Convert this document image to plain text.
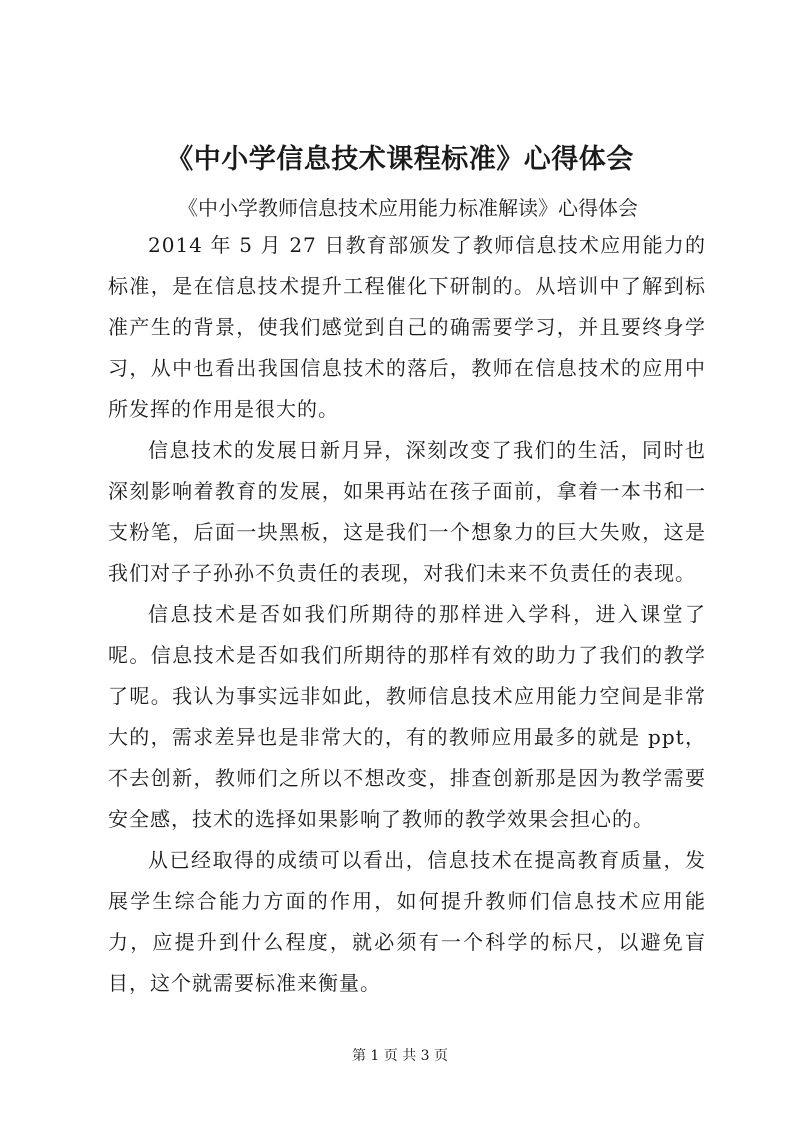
《中小学信息技术课程标准》心得体会

《中小学教师信息技术应用能力标准解读》心得体会

2014 年 5 月 27 日教育部颁发了教师信息技术应用能力的标准，是在信息技术提升工程催化下研制的。从培训中了解到标准产生的背景，使我们感觉到自己的确需要学习，并且要终身学习，从中也看出我国信息技术的落后，教师在信息技术的应用中所发挥的作用是很大的。

信息技术的发展日新月异，深刻改变了我们的生活，同时也深刻影响着教育的发展，如果再站在孩子面前，拿着一本书和一支粉笔，后面一块黑板，这是我们一个想象力的巨大失败，这是我们对子子孙孙不负责任的表现，对我们未来不负责任的表现。

信息技术是否如我们所期待的那样进入学科，进入课堂了呢。信息技术是否如我们所期待的那样有效的助力了我们的教学了呢。我认为事实远非如此，教师信息技术应用能力空间是非常大的，需求差异也是非常大的，有的教师应用最多的就是 ppt，不去创新，教师们之所以不想改变，排查创新那是因为教学需要安全感，技术的选择如果影响了教师的教学效果会担心的。

从已经取得的成绩可以看出，信息技术在提高教育质量，发展学生综合能力方面的作用，如何提升教师们信息技术应用能力，应提升到什么程度，就必须有一个科学的标尺，以避免盲目，这个就需要标准来衡量。

第 1 页 共 3 页
